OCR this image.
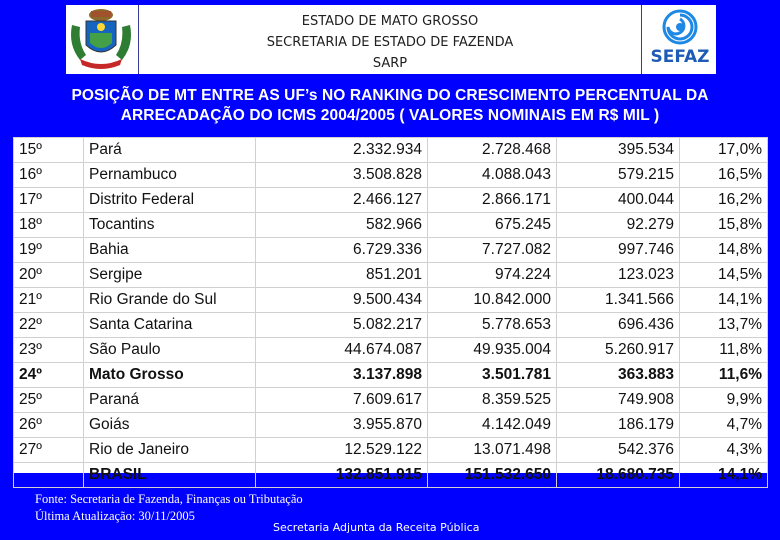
ESTADO DE MATO GROSSO
SECRETARIA DE ESTADO DE FAZENDA
SARP	SEFAZ
POSIÇÃO DE MT ENTRE AS UF’s NO RANKING DO CRESCIMENTO PERCENTUAL DA
ARRECADAÇÃO DO ICMS 2004/2005 ( VALORES NOMINAIS EM R$ MIL )
15º	Pará	2.332.934	2.728.468	395.534	17,0%
16º	Pernambuco	3.508.828	4.088.043	579.215	16,5%
17º	Distrito Federal	2.466.127	2.866.171	400.044	16,2%
18º	Tocantins	582.966	675.245	92.279	15,8%
19º	Bahia	6.729.336	7.727.082	997.746	14,8%
20º	Sergipe	851.201	974.224	123.023	14,5%
21º	Rio Grande do Sul	9.500.434	10.842.000	1.341.566	14,1%
22º	Santa Catarina	5.082.217	5.778.653	696.436	13,7%
23º	São Paulo	44.674.087	49.935.004	5.260.917	11,8%
24º	Mato Grosso	3.137.898	3.501.781	363.883	11,6%
25º	Paraná	7.609.617	8.359.525	749.908	9,9%
26º	Goiás	3.955.870	4.142.049	186.179	4,7%
27º	Rio de Janeiro	12.529.122	13.071.498	542.376	4,3%
	BRASIL	132.851.915	151.532.650	18.680.735	14,1%
Fonte: Secretaria de Fazenda, Finanças ou Tributação
Última Atualização: 30/11/2005
Secretaria Adjunta da Receita Pública
